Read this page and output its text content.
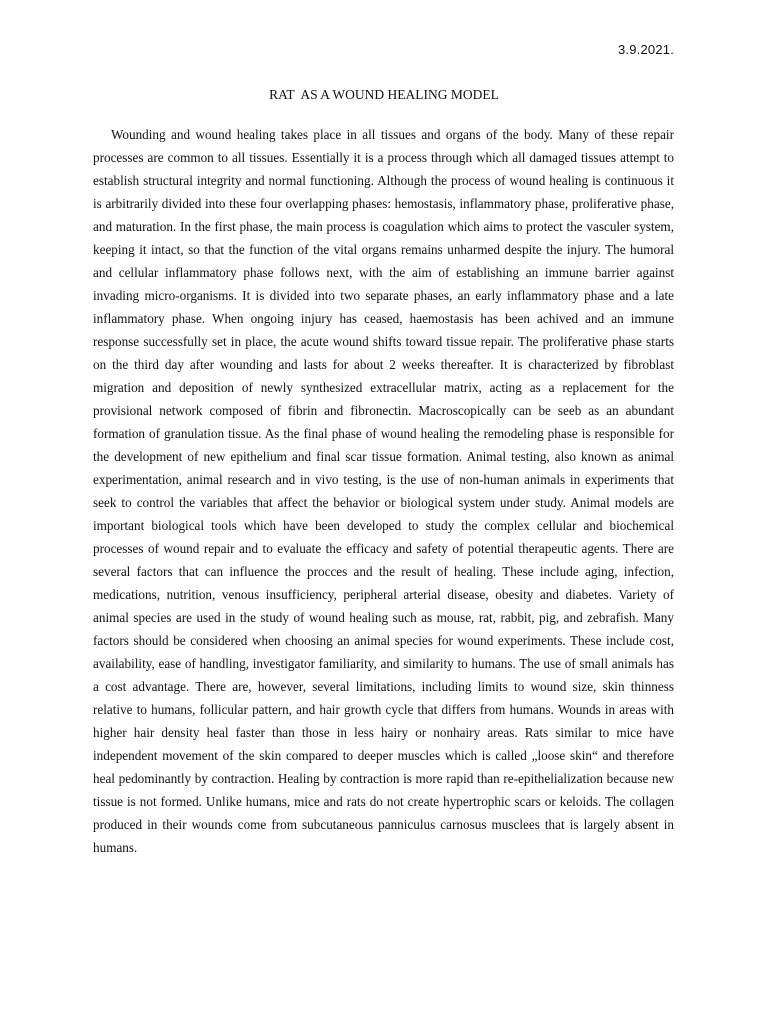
3.9.2021.
RAT  AS A WOUND HEALING MODEL

Wounding and wound healing takes place in all tissues and organs of the body. Many of these repair processes are common to all tissues. Essentially it is a process through which all damaged tissues attempt to establish structural integrity and normal functioning. Although the process of wound healing is continuous it is arbitrarily divided into these four overlapping phases: hemostasis, inflammatory phase, proliferative phase, and maturation. In the first phase, the main process is coagulation which aims to protect the vasculer system, keeping it intact, so that the function of the vital organs remains unharmed despite the injury. The humoral and cellular inflammatory phase follows next, with the aim of establishing an immune barrier against invading micro-organisms. It is divided into two separate phases, an early inflammatory phase and a late inflammatory phase. When ongoing injury has ceased, haemostasis has been achived and an immune response successfully set in place, the acute wound shifts toward tissue repair. The proliferative phase starts on the third day after wounding and lasts for about 2 weeks thereafter. It is characterized by fibroblast migration and deposition of newly synthesized extracellular matrix, acting as a replacement for the provisional network composed of fibrin and fibronectin. Macroscopically can be seeb as an abundant formation of granulation tissue. As the final phase of wound healing the remodeling phase is responsible for the development of new epithelium and final scar tissue formation. Animal testing, also known as animal experimentation, animal research and in vivo testing, is the use of non-human animals in experiments that seek to control the variables that affect the behavior or biological system under study. Animal models are important biological tools which have been developed to study the complex cellular and biochemical processes of wound repair and to evaluate the efficacy and safety of potential therapeutic agents. There are several factors that can influence the procces and the result of healing. These include aging, infection, medications, nutrition, venous insufficiency, peripheral arterial disease, obesity and diabetes. Variety of animal species are used in the study of wound healing such as mouse, rat, rabbit, pig, and zebrafish. Many factors should be considered when choosing an animal species for wound experiments. These include cost, availability, ease of handling, investigator familiarity, and similarity to humans. The use of small animals has a cost advantage. There are, however, several limitations, including limits to wound size, skin thinness relative to humans, follicular pattern, and hair growth cycle that differs from humans. Wounds in areas with higher hair density heal faster than those in less hairy or nonhairy areas. Rats similar to mice have independent movement of the skin compared to deeper muscles which is called „loose skin“ and therefore heal pedominantly by contraction. Healing by contraction is more rapid than re-epithelialization because new tissue is not formed. Unlike humans, mice and rats do not create hypertrophic scars or keloids. The collagen produced in their wounds come from subcutaneous panniculus carnosus musclees that is largely absent in humans.
